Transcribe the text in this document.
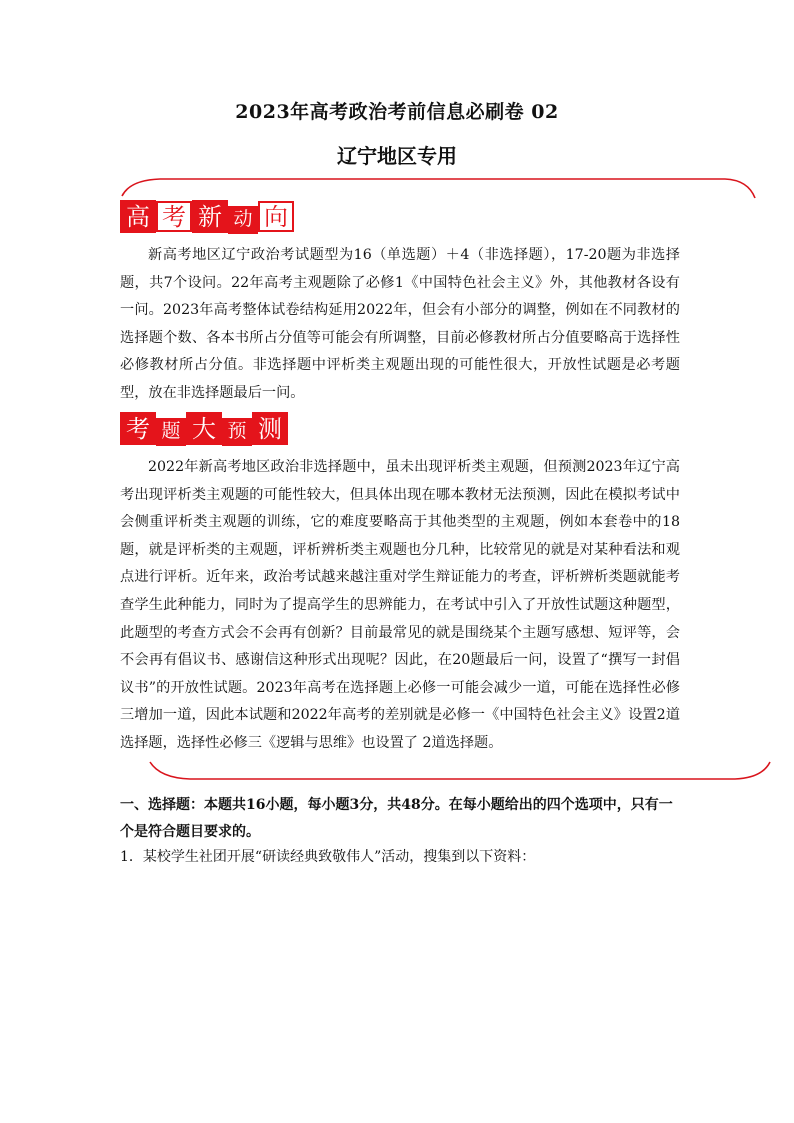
2023年高考政治考前信息必刷卷 02
辽宁地区专用
高 考 新 动 向
新高考地区辽宁政治考试题型为16（单选题）＋4（非选择题），17-20题为非选择题，共7个设问。22年高考主观题除了必修1《中国特色社会主义》外，其他教材各设有一问。2023年高考整体试卷结构延用2022年，但会有小部分的调整，例如在不同教材的选择题个数、各本书所占分值等可能会有所调整，目前必修教材所占分值要略高于选择性必修教材所占分值。非选择题中评析类主观题出现的可能性很大，开放性试题是必考题型，放在非选择题最后一问。
考 题 大 预 测
2022年新高考地区政治非选择题中，虽未出现评析类主观题，但预测2023年辽宁高考出现评析类主观题的可能性较大，但具体出现在哪本教材无法预测，因此在模拟考试中会侧重评析类主观题的训练，它的难度要略高于其他类型的主观题，例如本套卷中的18题，就是评析类的主观题，评析辨析类主观题也分几种，比较常见的就是对某种看法和观点进行评析。近年来，政治考试越来越注重对学生辩证能力的考查，评析辨析类题就能考查学生此种能力，同时为了提高学生的思辨能力，在考试中引入了开放性试题这种题型，此题型的考查方式会不会再有创新？目前最常见的就是围绕某个主题写感想、短评等，会不会再有倡议书、感谢信这种形式出现呢？因此，在20题最后一问，设置了“撰写一封倡议书”的开放性试题。2023年高考在选择题上必修一可能会减少一道，可能在选择性必修三增加一道，因此本试题和2022年高考的差别就是必修一《中国特色社会主义》设置2道选择题，选择性必修三《逻辑与思维》也设置了 2道选择题。
一、选择题：本题共16小题，每小题3分，共48分。在每小题给出的四个选项中，只有一个是符合题目要求的。
1．某校学生社团开展“研读经典致敬伟人”活动，搜集到以下资料：
